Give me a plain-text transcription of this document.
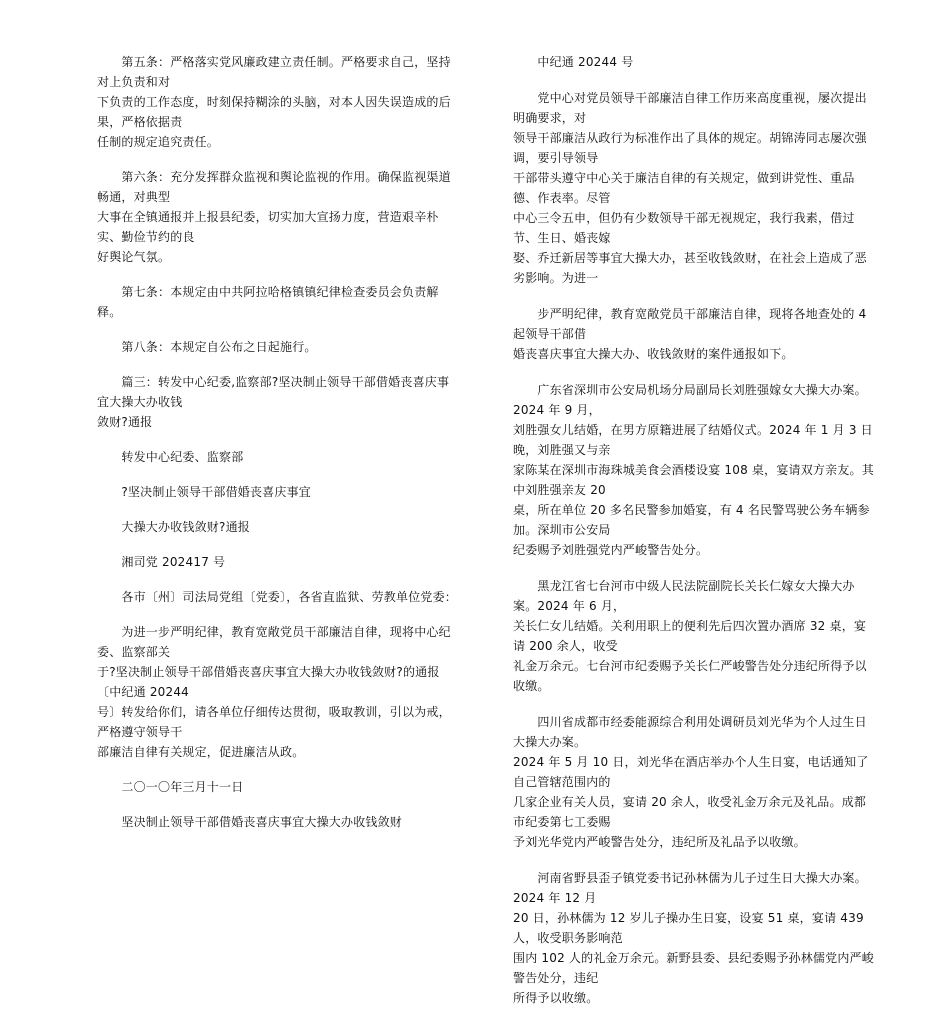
　　第五条：严格落实党风廉政建立责任制。严格要求自己，坚持对上负责和对
下负责的工作态度，时刻保持糊涂的头脑，对本人因失误造成的后果，严格依据责
任制的规定追究责任。

　　第六条：充分发挥群众监视和舆论监视的作用。确保监视渠道畅通，对典型
大事在全镇通报并上报县纪委，切实加大宣扬力度，营造艰辛朴实、勤俭节约的良
好舆论气氛。

　　第七条：本规定由中共阿拉哈格镇镇纪律检查委员会负责解释。

　　第八条：本规定自公布之日起施行。

　　篇三：转发中心纪委,监察部?坚决制止领导干部借婚丧喜庆事宜大操大办收钱
敛财?通报

　　转发中心纪委、监察部

　　?坚决制止领导干部借婚丧喜庆事宜

　　大操大办收钱敛财?通报

　　湘司党 202417 号

　　各市〔州〕司法局党组〔党委〕，各省直监狱、劳教单位党委：

　　为进一步严明纪律，教育宽敞党员干部廉洁自律，现将中心纪委、监察部关
于?坚决制止领导干部借婚丧喜庆事宜大操大办收钱敛财?的通报〔中纪通 20244
号〕转发给你们，请各单位仔细传达贯彻，吸取教训，引以为戒，严格遵守领导干
部廉洁自律有关规定，促进廉洁从政。

　　二〇一〇年三月十一日

　　坚决制止领导干部借婚丧喜庆事宜大操大办收钱敛财

　　中纪通 20244 号

　　党中心对党员领导干部廉洁自律工作历来高度重视，屡次提出明确要求，对
领导干部廉洁从政行为标准作出了具体的规定。胡锦涛同志屡次强调，要引导领导
干部带头遵守中心关于廉洁自律的有关规定，做到讲党性、重品德、作表率。尽管
中心三令五申，但仍有少数领导干部无视规定，我行我素，借过节、生日、婚丧嫁
娶、乔迁新居等事宜大操大办，甚至收钱敛财，在社会上造成了恶劣影响。为进一

　　步严明纪律，教育宽敞党员干部廉洁自律，现将各地查处的 4 起领导干部借
婚丧喜庆事宜大操大办、收钱敛财的案件通报如下。

　　广东省深圳市公安局机场分局副局长刘胜强嫁女大操大办案。2024 年 9 月，
刘胜强女儿结婚，在男方原籍进展了结婚仪式。2024 年 1 月 3 日晚，刘胜强又与亲
家陈某在深圳市海珠城美食会酒楼设宴 108 桌，宴请双方亲友。其中刘胜强亲友 20
桌，所在单位 20 多名民警参加婚宴，有 4 名民警骂驶公务车辆参加。深圳市公安局
纪委赐予刘胜强党内严峻警告处分。

　　黑龙江省七台河市中级人民法院副院长关长仁嫁女大操大办案。2024 年 6 月，
关长仁女儿结婚。关利用职上的便利先后四次置办酒席 32 桌，宴请 200 余人，收受
礼金万余元。七台河市纪委赐予关长仁严峻警告处分违纪所得予以收缴。

　　四川省成都市经委能源综合利用处调研员刘光华为个人过生日大操大办案。
2024 年 5 月 10 日，刘光华在酒店举办个人生日宴，电话通知了自己管辖范围内的
几家企业有关人员，宴请 20 余人，收受礼金万余元及礼品。成都市纪委第七工委赐
予刘光华党内严峻警告处分，违纪所及礼品予以收缴。

　　河南省野县歪子镇党委书记孙林儒为儿子过生日大操大办案。2024 年 12 月
20 日，孙林儒为 12 岁儿子操办生日宴，设宴 51 桌，宴请 439 人，收受职务影响范
围内 102 人的礼金万余元。新野县委、县纪委赐予孙林儒党内严峻警告处分，违纪
所得予以收缴。
